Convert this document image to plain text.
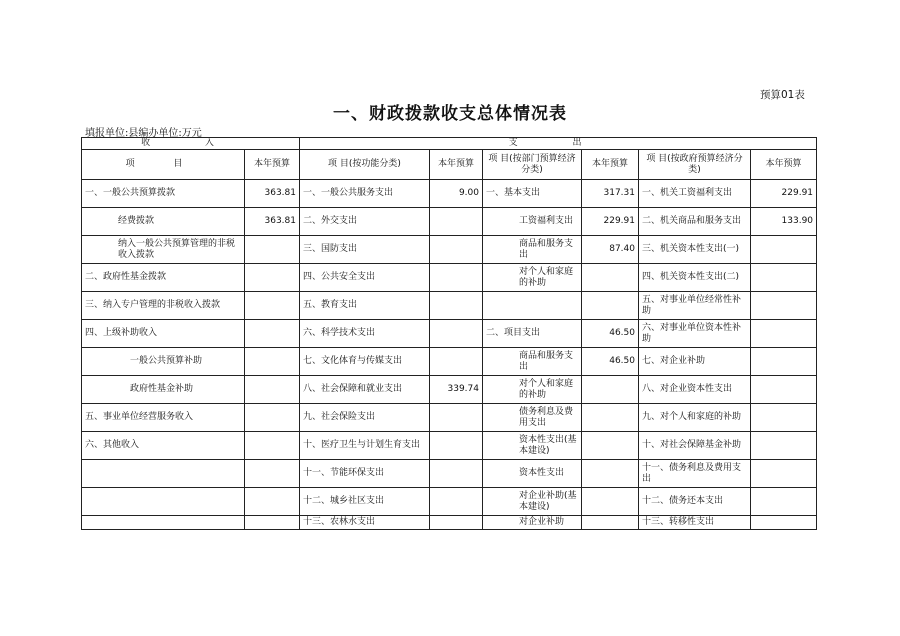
预算01表
一、财政拨款收支总体情况表
填报单位:县编办单位:万元
收 入		支 出					
项 目	本年预算	项 目(按功能分类)	本年预算	项 目(按部门预算经济分类)	本年预算	项 目(按政府预算经济分类)	本年预算
一、一般公共预算拨款	363.81	一、一般公共服务支出	9.00	一、基本支出	317.31	一、机关工资福利支出	229.91
经费拨款	363.81	二、外交支出		工资福利支出	229.91	二、机关商品和服务支出	133.90
纳入一般公共预算管理的非税收入拨款		三、国防支出		商品和服务支出	87.40	三、机关资本性支出(一)	
二、政府性基金拨款		四、公共安全支出		对个人和家庭的补助		四、机关资本性支出(二)	
三、纳入专户管理的非税收入拨款		五、教育支出				五、对事业单位经常性补助	
四、上级补助收入		六、科学技术支出		二、项目支出	46.50	六、对事业单位资本性补助	
一般公共预算补助		七、文化体育与传媒支出		商品和服务支出	46.50	七、对企业补助	
政府性基金补助		八、社会保障和就业支出	339.74	对个人和家庭的补助		八、对企业资本性支出	
五、事业单位经营服务收入		九、社会保险支出		债务利息及费用支出		九、对个人和家庭的补助	
六、其他收入		十、医疗卫生与计划生育支出		资本性支出(基本建设)		十、对社会保障基金补助	
		十一、节能环保支出		资本性支出		十一、债务利息及费用支出	
		十二、城乡社区支出		对企业补助(基本建设)		十二、债务还本支出	
		十三、农林水支出		对企业补助		十三、转移性支出	
